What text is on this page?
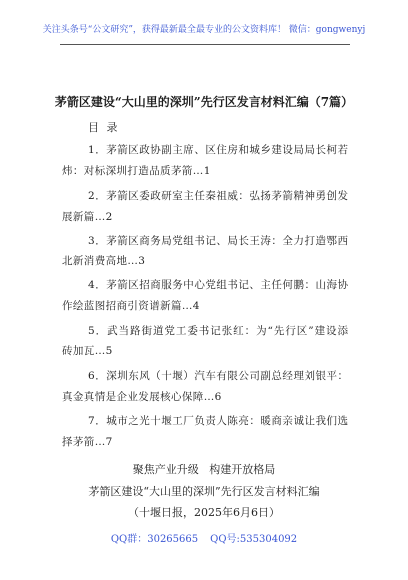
关注头条号“公文研究”，获得最新最全最专业的公文资料库！ 微信：gongwenyj
茅箭区建设“大山里的深圳”先行区发言材料汇编（7篇）
目 录
1．茅箭区政协副主席、区住房和城乡建设局局长柯若
炜：对标深圳打造品质茅箭…1
2．茅箭区委政研室主任秦祖威：弘扬茅箭精神勇创发
展新篇…2
3．茅箭区商务局党组书记、局长王涛：全力打造鄂西
北新消费高地…3
4．茅箭区招商服务中心党组书记、主任何鹏：山海协
作绘蓝图招商引资谱新篇…4
5．武当路街道党工委书记张红：为“先行区”建设添
砖加瓦…5
6．深圳东风（十堰）汽车有限公司副总经理刘银平：
真金真情是企业发展核心保障…6
7．城市之光十堰工厂负责人陈亮：暖商亲诚让我们选
择茅箭…7
聚焦产业升级   构建开放格局
茅箭区建设“大山里的深圳”先行区发言材料汇编
（十堰日报，2025年6月6日）
QQ群：30265665 QQ号:535304092
